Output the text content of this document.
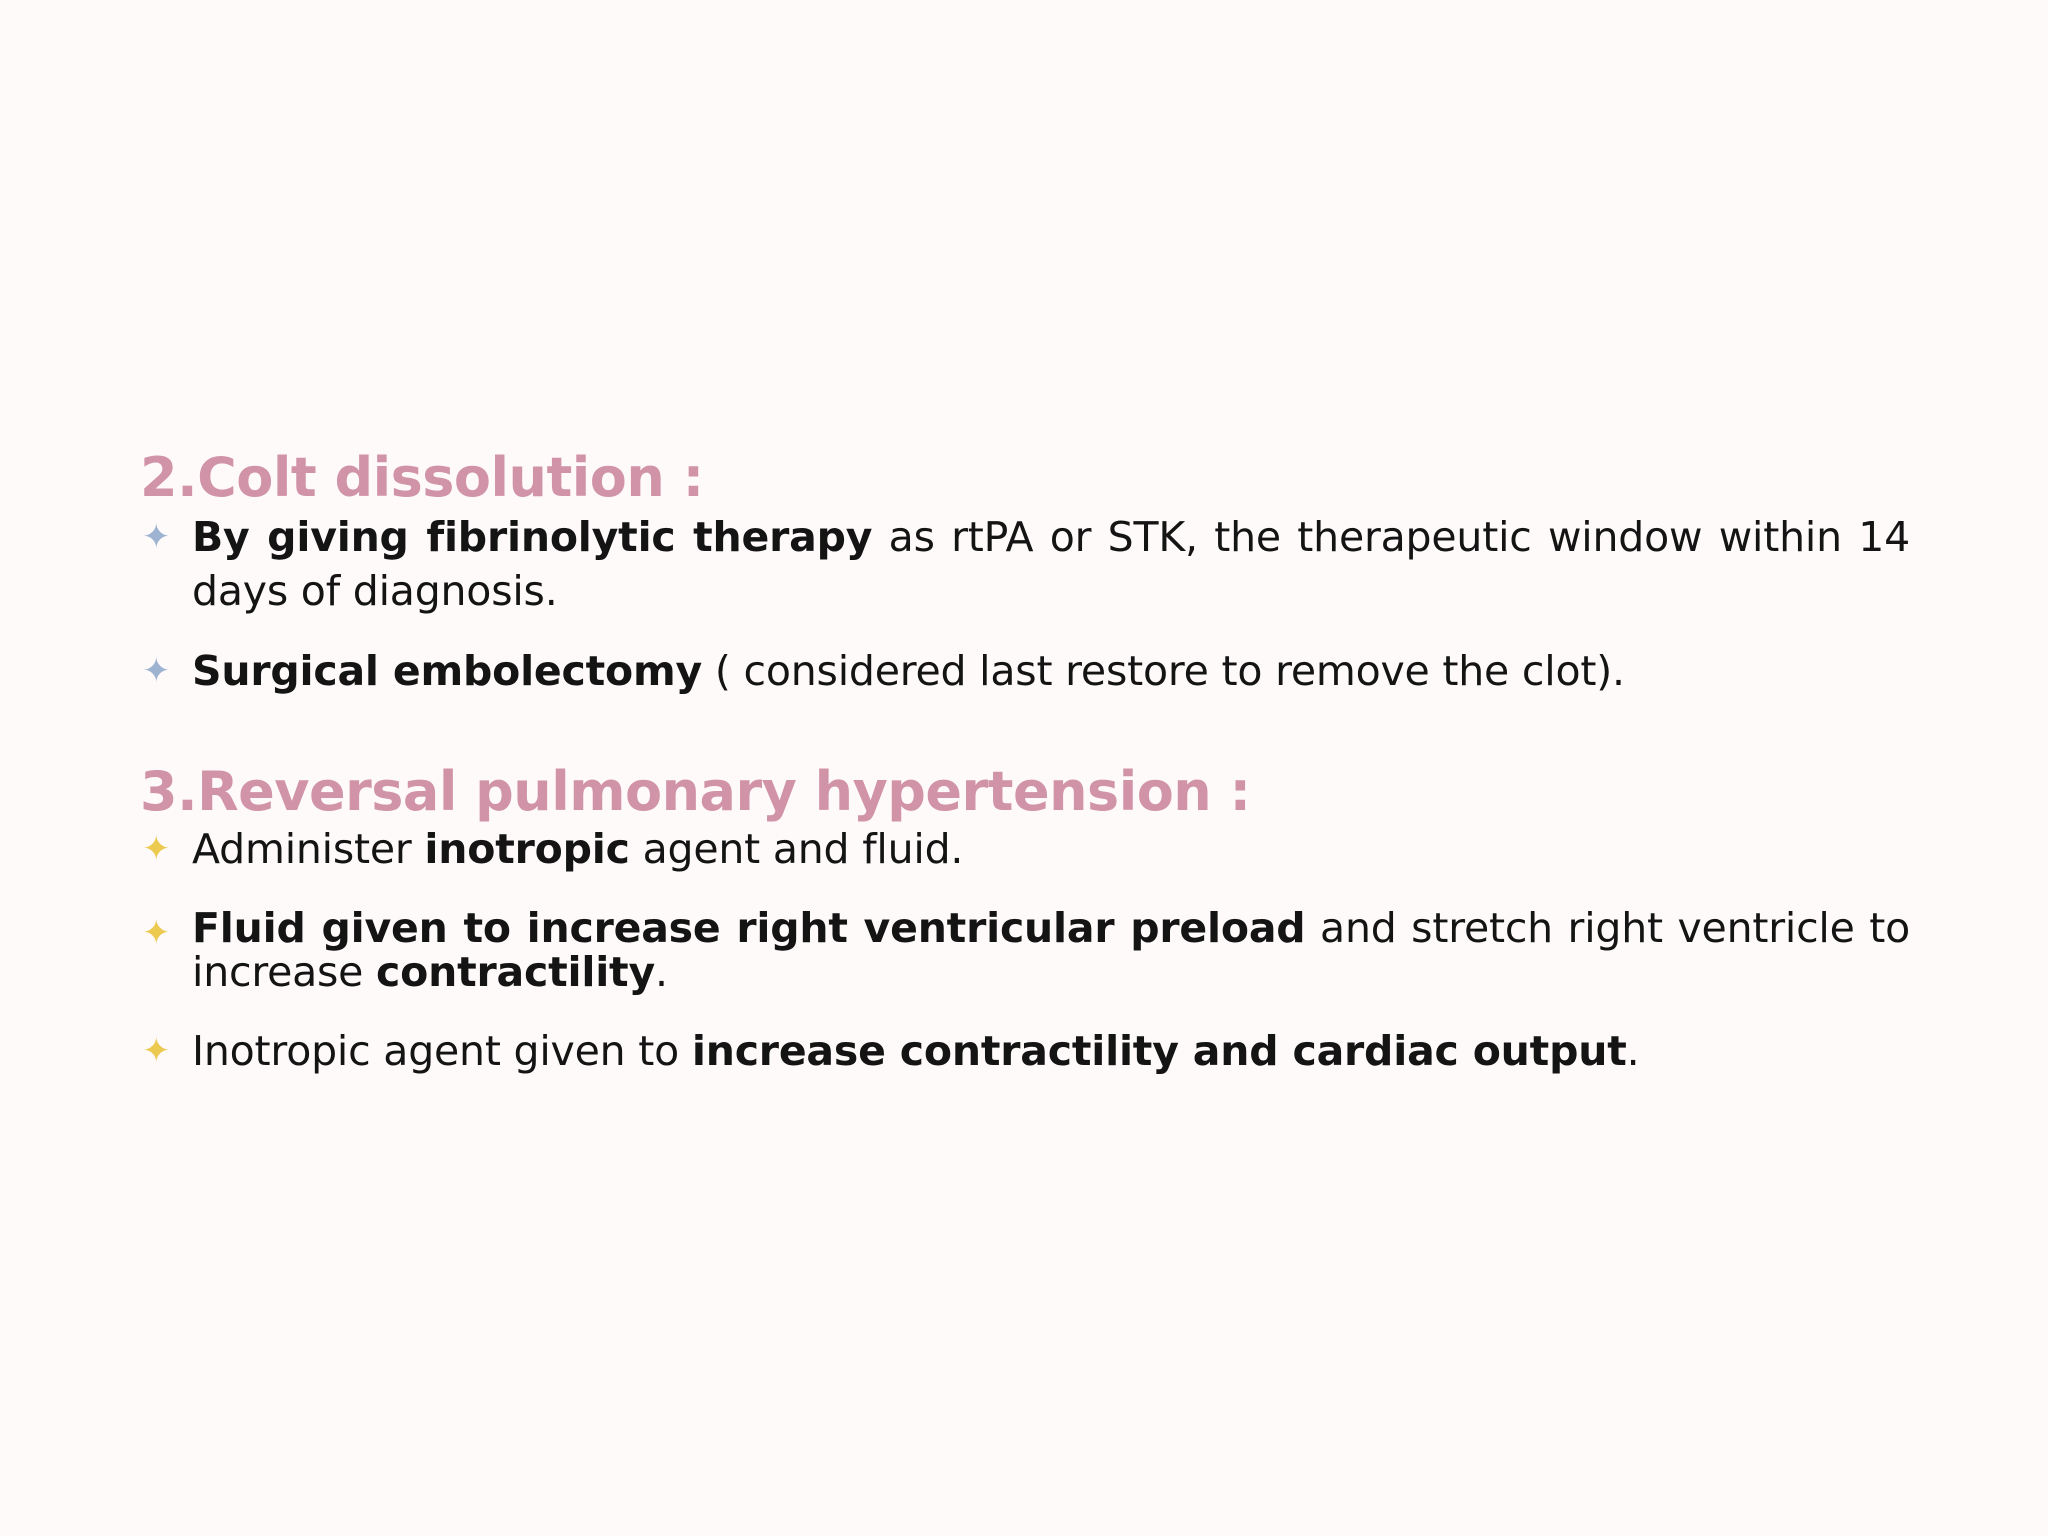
2.Colt dissolution :
✦ By giving fibrinolytic therapy as rtPA or STK, the therapeutic window within 14 days of diagnosis.
✦ Surgical embolectomy ( considered last restore to remove the clot).
3.Reversal pulmonary hypertension :
✦ Administer inotropic agent and fluid.
✦ Fluid given to increase right ventricular preload and stretch right ventricle to increase contractility.
✦ Inotropic agent given to increase contractility and cardiac output.
